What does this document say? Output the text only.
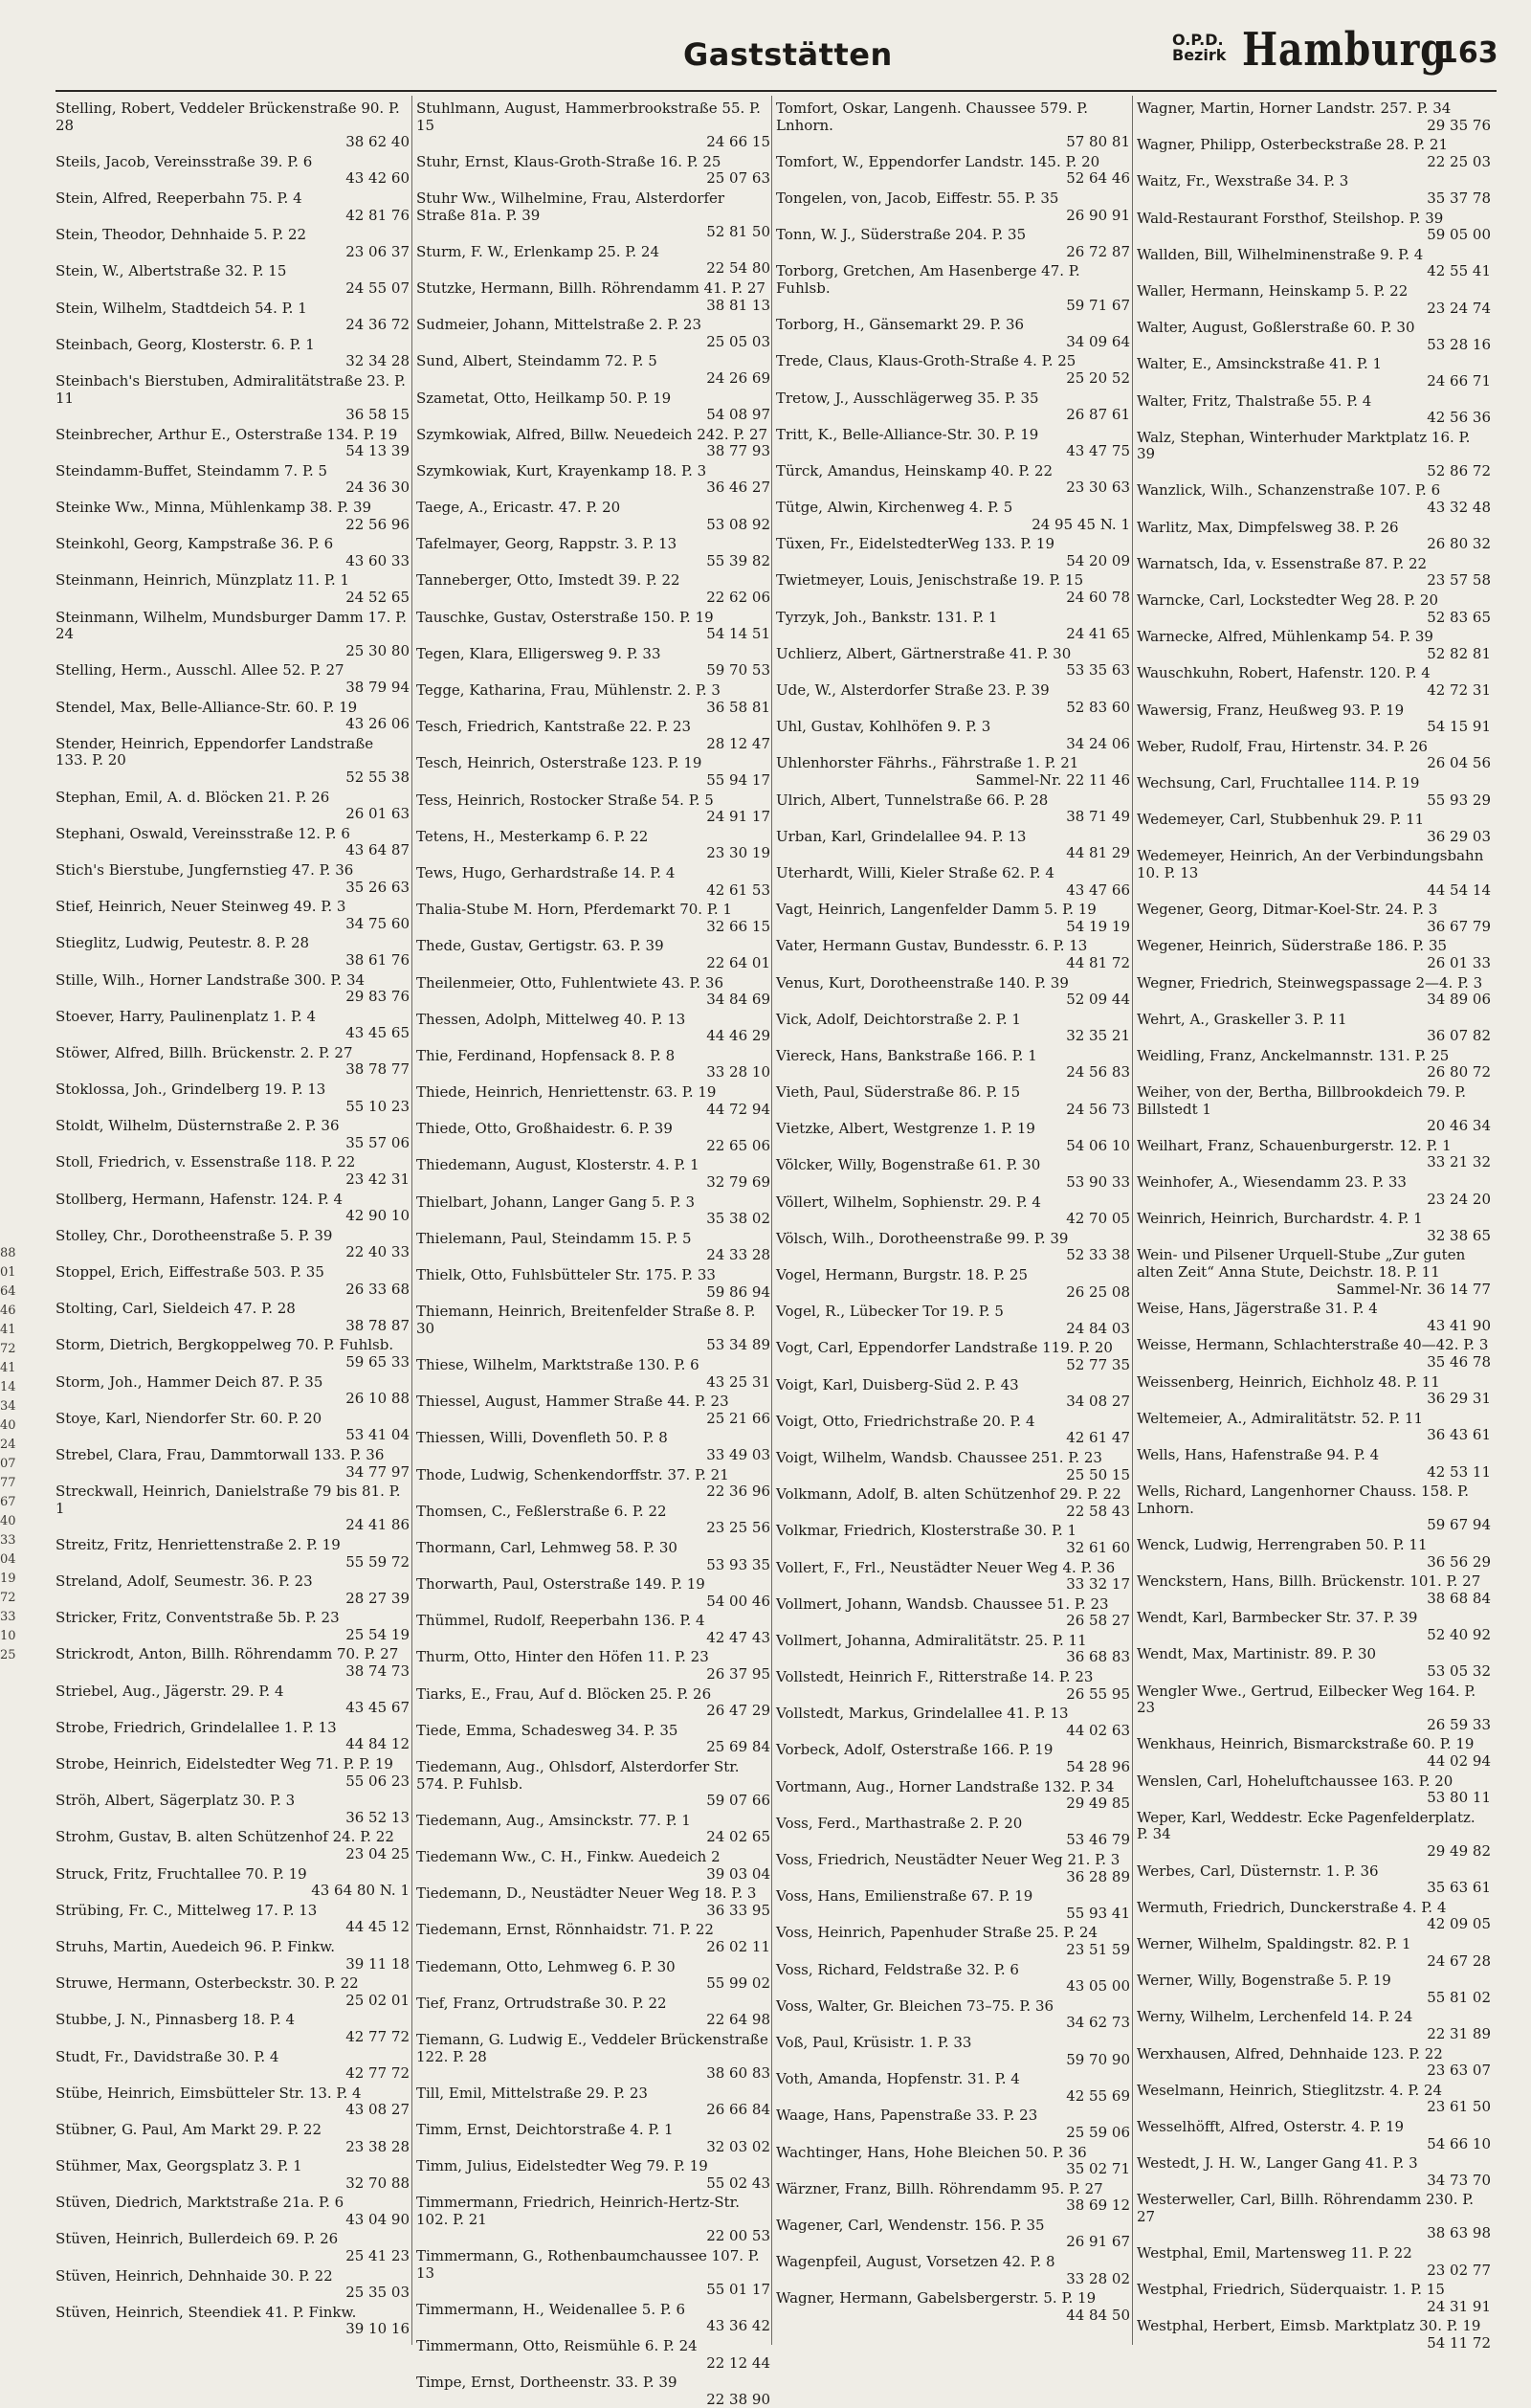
Gaststätten	O.P.D.
Bezirk Hamburg
163
88
01
64
46
41
72
41
14
34
40
24
07
77
67
40
33
04
19
72
33
10
25
Stelling, Robert, Veddeler Brückenstraße 90. P. 28
38 62 40
Steils, Jacob, Vereinsstraße 39. P. 6
43 42 60
Stein, Alfred, Reeperbahn 75. P. 4
42 81 76
Stein, Theodor, Dehnhaide 5. P. 22
23 06 37
Stein, W., Albertstraße 32. P. 15
24 55 07
Stein, Wilhelm, Stadtdeich 54. P. 1
24 36 72
Steinbach, Georg, Klosterstr. 6. P. 1
32 34 28
Steinbach's Bierstuben, Admiralitätstraße 23. P. 11
36 58 15
Steinbrecher, Arthur E., Osterstraße 134. P. 19
54 13 39
Steindamm-Buffet, Steindamm 7. P. 5
24 36 30
Steinke Ww., Minna, Mühlenkamp 38. P. 39
22 56 96
Steinkohl, Georg, Kampstraße 36. P. 6
43 60 33
Steinmann, Heinrich, Münzplatz 11. P. 1
24 52 65
Steinmann, Wilhelm, Mundsburger Damm 17. P. 24
25 30 80
Stelling, Herm., Ausschl. Allee 52. P. 27
38 79 94
Stendel, Max, Belle-Alliance-Str. 60. P. 19
43 26 06
Stender, Heinrich, Eppendorfer Landstraße 133. P. 20
52 55 38
Stephan, Emil, A. d. Blöcken 21. P. 26
26 01 63
Stephani, Oswald, Vereinsstraße 12. P. 6
43 64 87
Stich's Bierstube, Jungfernstieg 47. P. 36
35 26 63
Stief, Heinrich, Neuer Steinweg 49. P. 3
34 75 60
Stieglitz, Ludwig, Peutestr. 8. P. 28
38 61 76
Stille, Wilh., Horner Landstraße 300. P. 34
29 83 76
Stoever, Harry, Paulinenplatz 1. P. 4
43 45 65
Stöwer, Alfred, Billh. Brückenstr. 2. P. 27
38 78 77
Stoklossa, Joh., Grindelberg 19. P. 13
55 10 23
Stoldt, Wilhelm, Düsternstraße 2. P. 36
35 57 06
Stoll, Friedrich, v. Essenstraße 118. P. 22
23 42 31
Stollberg, Hermann, Hafenstr. 124. P. 4
42 90 10
Stolley, Chr., Dorotheenstraße 5. P. 39
22 40 33
Stoppel, Erich, Eiffestraße 503. P. 35
26 33 68
Stolting, Carl, Sieldeich 47. P. 28
38 78 87
Storm, Dietrich, Bergkoppelweg 70. P. Fuhlsb.
59 65 33
Storm, Joh., Hammer Deich 87. P. 35
26 10 88
Stoye, Karl, Niendorfer Str. 60. P. 20
53 41 04
Strebel, Clara, Frau, Dammtorwall 133. P. 36
34 77 97
Streckwall, Heinrich, Danielstraße 79 bis 81. P. 1
24 41 86
Streitz, Fritz, Henriettenstraße 2. P. 19
55 59 72
Streland, Adolf, Seumestr. 36. P. 23
28 27 39
Stricker, Fritz, Conventstraße 5b. P. 23
25 54 19
Strickrodt, Anton, Billh. Röhrendamm 70. P. 27
38 74 73
Striebel, Aug., Jägerstr. 29. P. 4
43 45 67
Strobe, Friedrich, Grindelallee 1. P. 13
44 84 12
Strobe, Heinrich, Eidelstedter Weg 71. P. P. 19
55 06 23
Ströh, Albert, Sägerplatz 30. P. 3
36 52 13
Strohm, Gustav, B. alten Schützenhof 24. P. 22
23 04 25
Struck, Fritz, Fruchtallee 70. P. 19
43 64 80 N. 1
Strübing, Fr. C., Mittelweg 17. P. 13
44 45 12
Struhs, Martin, Auedeich 96. P. Finkw.
39 11 18
Struwe, Hermann, Osterbeckstr. 30. P. 22
25 02 01
Stubbe, J. N., Pinnasberg 18. P. 4
42 77 72
Studt, Fr., Davidstraße 30. P. 4
42 77 72
Stübe, Heinrich, Eimsbütteler Str. 13. P. 4
43 08 27
Stübner, G. Paul, Am Markt 29. P. 22
23 38 28
Stühmer, Max, Georgsplatz 3. P. 1
32 70 88
Stüven, Diedrich, Marktstraße 21a. P. 6
43 04 90
Stüven, Heinrich, Bullerdeich 69. P. 26
25 41 23
Stüven, Heinrich, Dehnhaide 30. P. 22
25 35 03
Stüven, Heinrich, Steendiek 41. P. Finkw.
39 10 16
Stuhlmann, August, Hammerbrookstraße 55. P. 15
24 66 15
Stuhr, Ernst, Klaus-Groth-Straße 16. P. 25
25 07 63
Stuhr Ww., Wilhelmine, Frau, Alsterdorfer Straße 81a. P. 39
52 81 50
Sturm, F. W., Erlenkamp 25. P. 24
22 54 80
Stutzke, Hermann, Billh. Röhrendamm 41. P. 27
38 81 13
Sudmeier, Johann, Mittelstraße 2. P. 23
25 05 03
Sund, Albert, Steindamm 72. P. 5
24 26 69
Szametat, Otto, Heilkamp 50. P. 19
54 08 97
Szymkowiak, Alfred, Billw. Neuedeich 242. P. 27
38 77 93
Szymkowiak, Kurt, Krayenkamp 18. P. 3
36 46 27
Taege, A., Ericastr. 47. P. 20
53 08 92
Tafelmayer, Georg, Rappstr. 3. P. 13
55 39 82
Tanneberger, Otto, Imstedt 39. P. 22
22 62 06
Tauschke, Gustav, Osterstraße 150. P. 19
54 14 51
Tegen, Klara, Elligersweg 9. P. 33
59 70 53
Tegge, Katharina, Frau, Mühlenstr. 2. P. 3
36 58 81
Tesch, Friedrich, Kantstraße 22. P. 23
28 12 47
Tesch, Heinrich, Osterstraße 123. P. 19
55 94 17
Tess, Heinrich, Rostocker Straße 54. P. 5
24 91 17
Tetens, H., Mesterkamp 6. P. 22
23 30 19
Tews, Hugo, Gerhardstraße 14. P. 4
42 61 53
Thalia-Stube M. Horn, Pferdemarkt 70. P. 1
32 66 15
Thede, Gustav, Gertigstr. 63. P. 39
22 64 01
Theilenmeier, Otto, Fuhlentwiete 43. P. 36
34 84 69
Thessen, Adolph, Mittelweg 40. P. 13
44 46 29
Thie, Ferdinand, Hopfensack 8. P. 8
33 28 10
Thiede, Heinrich, Henriettenstr. 63. P. 19
44 72 94
Thiede, Otto, Großhaidestr. 6. P. 39
22 65 06
Thiedemann, August, Klosterstr. 4. P. 1
32 79 69
Thielbart, Johann, Langer Gang 5. P. 3
35 38 02
Thielemann, Paul, Steindamm 15. P. 5
24 33 28
Thielk, Otto, Fuhlsbütteler Str. 175. P. 33
59 86 94
Thiemann, Heinrich, Breitenfelder Straße 8. P. 30
53 34 89
Thiese, Wilhelm, Marktstraße 130. P. 6
43 25 31
Thiessel, August, Hammer Straße 44. P. 23
25 21 66
Thiessen, Willi, Dovenfleth 50. P. 8
33 49 03
Thode, Ludwig, Schenkendorffstr. 37. P. 21
22 36 96
Thomsen, C., Feßlerstraße 6. P. 22
23 25 56
Thormann, Carl, Lehmweg 58. P. 30
53 93 35
Thorwarth, Paul, Osterstraße 149. P. 19
54 00 46
Thümmel, Rudolf, Reeperbahn 136. P. 4
42 47 43
Thurm, Otto, Hinter den Höfen 11. P. 23
26 37 95
Tiarks, E., Frau, Auf d. Blöcken 25. P. 26
26 47 29
Tiede, Emma, Schadesweg 34. P. 35
25 69 84
Tiedemann, Aug., Ohlsdorf, Alsterdorfer Str. 574. P. Fuhlsb.
59 07 66
Tiedemann, Aug., Amsinckstr. 77. P. 1
24 02 65
Tiedemann Ww., C. H., Finkw. Auedeich 2
39 03 04
Tiedemann, D., Neustädter Neuer Weg 18. P. 3
36 33 95
Tiedemann, Ernst, Rönnhaidstr. 71. P. 22
26 02 11
Tiedemann, Otto, Lehmweg 6. P. 30
55 99 02
Tief, Franz, Ortrudstraße 30. P. 22
22 64 98
Tiemann, G. Ludwig E., Veddeler Brückenstraße 122. P. 28
38 60 83
Till, Emil, Mittelstraße 29. P. 23
26 66 84
Timm, Ernst, Deichtorstraße 4. P. 1
32 03 02
Timm, Julius, Eidelstedter Weg 79. P. 19
55 02 43
Timmermann, Friedrich, Heinrich-Hertz-Str. 102. P. 21
22 00 53
Timmermann, G., Rothenbaumchaussee 107. P. 13
55 01 17
Timmermann, H., Weidenallee 5. P. 6
43 36 42
Timmermann, Otto, Reismühle 6. P. 24
22 12 44
Timpe, Ernst, Dortheenstr. 33. P. 39
22 38 90
Tomfort, Oskar, Langenh. Chaussee 579. P. Lnhorn.
57 80 81
Tomfort, W., Eppendorfer Landstr. 145. P. 20
52 64 46
Tongelen, von, Jacob, Eiffestr. 55. P. 35
26 90 91
Tonn, W. J., Süderstraße 204. P. 35
26 72 87
Torborg, Gretchen, Am Hasenberge 47. P. Fuhlsb.
59 71 67
Torborg, H., Gänsemarkt 29. P. 36
34 09 64
Trede, Claus, Klaus-Groth-Straße 4. P. 25
25 20 52
Tretow, J., Ausschlägerweg 35. P. 35
26 87 61
Tritt, K., Belle-Alliance-Str. 30. P. 19
43 47 75
Türck, Amandus, Heinskamp 40. P. 22
23 30 63
Tütge, Alwin, Kirchenweg 4. P. 5
24 95 45 N. 1
Tüxen, Fr., EidelstedterWeg 133. P. 19
54 20 09
Twietmeyer, Louis, Jenischstraße 19. P. 15
24 60 78
Tyrzyk, Joh., Bankstr. 131. P. 1
24 41 65
Uchlierz, Albert, Gärtnerstraße 41. P. 30
53 35 63
Ude, W., Alsterdorfer Straße 23. P. 39
52 83 60
Uhl, Gustav, Kohlhöfen 9. P. 3
34 24 06
Uhlenhorster Fährhs., Fährstraße 1. P. 21
Sammel-Nr. 22 11 46
Ulrich, Albert, Tunnelstraße 66. P. 28
38 71 49
Urban, Karl, Grindelallee 94. P. 13
44 81 29
Uterhardt, Willi, Kieler Straße 62. P. 4
43 47 66
Vagt, Heinrich, Langenfelder Damm 5. P. 19
54 19 19
Vater, Hermann Gustav, Bundesstr. 6. P. 13
44 81 72
Venus, Kurt, Dorotheenstraße 140. P. 39
52 09 44
Vick, Adolf, Deichtorstraße 2. P. 1
32 35 21
Viereck, Hans, Bankstraße 166. P. 1
24 56 83
Vieth, Paul, Süderstraße 86. P. 15
24 56 73
Vietzke, Albert, Westgrenze 1. P. 19
54 06 10
Völcker, Willy, Bogenstraße 61. P. 30
53 90 33
Völlert, Wilhelm, Sophienstr. 29. P. 4
42 70 05
Völsch, Wilh., Dorotheenstraße 99. P. 39
52 33 38
Vogel, Hermann, Burgstr. 18. P. 25
26 25 08
Vogel, R., Lübecker Tor 19. P. 5
24 84 03
Vogt, Carl, Eppendorfer Landstraße 119. P. 20
52 77 35
Voigt, Karl, Duisberg-Süd 2. P. 43
34 08 27
Voigt, Otto, Friedrichstraße 20. P. 4
42 61 47
Voigt, Wilhelm, Wandsb. Chaussee 251. P. 23
25 50 15
Volkmann, Adolf, B. alten Schützenhof 29. P. 22
22 58 43
Volkmar, Friedrich, Klosterstraße 30. P. 1
32 61 60
Vollert, F., Frl., Neustädter Neuer Weg 4. P. 36
33 32 17
Vollmert, Johann, Wandsb. Chaussee 51. P. 23
26 58 27
Vollmert, Johanna, Admiralitätstr. 25. P. 11
36 68 83
Vollstedt, Heinrich F., Ritterstraße 14. P. 23
26 55 95
Vollstedt, Markus, Grindelallee 41. P. 13
44 02 63
Vorbeck, Adolf, Osterstraße 166. P. 19
54 28 96
Vortmann, Aug., Horner Landstraße 132. P. 34
29 49 85
Voss, Ferd., Marthastraße 2. P. 20
53 46 79
Voss, Friedrich, Neustädter Neuer Weg 21. P. 3
36 28 89
Voss, Hans, Emilienstraße 67. P. 19
55 93 41
Voss, Heinrich, Papenhuder Straße 25. P. 24
23 51 59
Voss, Richard, Feldstraße 32. P. 6
43 05 00
Voss, Walter, Gr. Bleichen 73–75. P. 36
34 62 73
Voß, Paul, Krüsistr. 1. P. 33
59 70 90
Voth, Amanda, Hopfenstr. 31. P. 4
42 55 69
Waage, Hans, Papenstraße 33. P. 23
25 59 06
Wachtinger, Hans, Hohe Bleichen 50. P. 36
35 02 71
Wärzner, Franz, Billh. Röhrendamm 95. P. 27
38 69 12
Wagener, Carl, Wendenstr. 156. P. 35
26 91 67
Wagenpfeil, August, Vorsetzen 42. P. 8
33 28 02
Wagner, Hermann, Gabelsbergerstr. 5. P. 19
44 84 50
Wagner, Martin, Horner Landstr. 257. P. 34
29 35 76
Wagner, Philipp, Osterbeckstraße 28. P. 21
22 25 03
Waitz, Fr., Wexstraße 34. P. 3
35 37 78
Wald-Restaurant Forsthof, Steilshop. P. 39
59 05 00
Wallden, Bill, Wilhelminenstraße 9. P. 4
42 55 41
Waller, Hermann, Heinskamp 5. P. 22
23 24 74
Walter, August, Goßlerstraße 60. P. 30
53 28 16
Walter, E., Amsinckstraße 41. P. 1
24 66 71
Walter, Fritz, Thalstraße 55. P. 4
42 56 36
Walz, Stephan, Winterhuder Marktplatz 16. P. 39
52 86 72
Wanzlick, Wilh., Schanzenstraße 107. P. 6
43 32 48
Warlitz, Max, Dimpfelsweg 38. P. 26
26 80 32
Warnatsch, Ida, v. Essenstraße 87. P. 22
23 57 58
Warncke, Carl, Lockstedter Weg 28. P. 20
52 83 65
Warnecke, Alfred, Mühlenkamp 54. P. 39
52 82 81
Wauschkuhn, Robert, Hafenstr. 120. P. 4
42 72 31
Wawersig, Franz, Heußweg 93. P. 19
54 15 91
Weber, Rudolf, Frau, Hirtenstr. 34. P. 26
26 04 56
Wechsung, Carl, Fruchtallee 114. P. 19
55 93 29
Wedemeyer, Carl, Stubbenhuk 29. P. 11
36 29 03
Wedemeyer, Heinrich, An der Verbindungsbahn 10. P. 13
44 54 14
Wegener, Georg, Ditmar-Koel-Str. 24. P. 3
36 67 79
Wegener, Heinrich, Süderstraße 186. P. 35
26 01 33
Wegner, Friedrich, Steinwegspassage 2—4. P. 3
34 89 06
Wehrt, A., Graskeller 3. P. 11
36 07 82
Weidling, Franz, Anckelmannstr. 131. P. 25
26 80 72
Weiher, von der, Bertha, Billbrookdeich 79. P. Billstedt 1
20 46 34
Weilhart, Franz, Schauenburgerstr. 12. P. 1
33 21 32
Weinhofer, A., Wiesendamm 23. P. 33
23 24 20
Weinrich, Heinrich, Burchardstr. 4. P. 1
32 38 65
Wein- und Pilsener Urquell-Stube „Zur guten alten Zeit“ Anna Stute, Deichstr. 18. P. 11
Sammel-Nr. 36 14 77
Weise, Hans, Jägerstraße 31. P. 4
43 41 90
Weisse, Hermann, Schlachterstraße 40—42. P. 3
35 46 78
Weissenberg, Heinrich, Eichholz 48. P. 11
36 29 31
Weltemeier, A., Admiralitätstr. 52. P. 11
36 43 61
Wells, Hans, Hafenstraße 94. P. 4
42 53 11
Wells, Richard, Langenhorner Chauss. 158. P. Lnhorn.
59 67 94
Wenck, Ludwig, Herrengraben 50. P. 11
36 56 29
Wenckstern, Hans, Billh. Brückenstr. 101. P. 27
38 68 84
Wendt, Karl, Barmbecker Str. 37. P. 39
52 40 92
Wendt, Max, Martinistr. 89. P. 30
53 05 32
Wengler Wwe., Gertrud, Eilbecker Weg 164. P. 23
26 59 33
Wenkhaus, Heinrich, Bismarckstraße 60. P. 19
44 02 94
Wenslen, Carl, Hoheluftchaussee 163. P. 20
53 80 11
Weper, Karl, Weddestr. Ecke Pagenfelderplatz. P. 34
29 49 82
Werbes, Carl, Düsternstr. 1. P. 36
35 63 61
Wermuth, Friedrich, Dunckerstraße 4. P. 4
42 09 05
Werner, Wilhelm, Spaldingstr. 82. P. 1
24 67 28
Werner, Willy, Bogenstraße 5. P. 19
55 81 02
Werny, Wilhelm, Lerchenfeld 14. P. 24
22 31 89
Werxhausen, Alfred, Dehnhaide 123. P. 22
23 63 07
Weselmann, Heinrich, Stieglitzstr. 4. P. 24
23 61 50
Wesselhöfft, Alfred, Osterstr. 4. P. 19
54 66 10
Westedt, J. H. W., Langer Gang 41. P. 3
34 73 70
Westerweller, Carl, Billh. Röhrendamm 230. P. 27
38 63 98
Westphal, Emil, Martensweg 11. P. 22
23 02 77
Westphal, Friedrich, Süderquaistr. 1. P. 15
24 31 91
Westphal, Herbert, Eimsb. Marktplatz 30. P. 19
54 11 72
